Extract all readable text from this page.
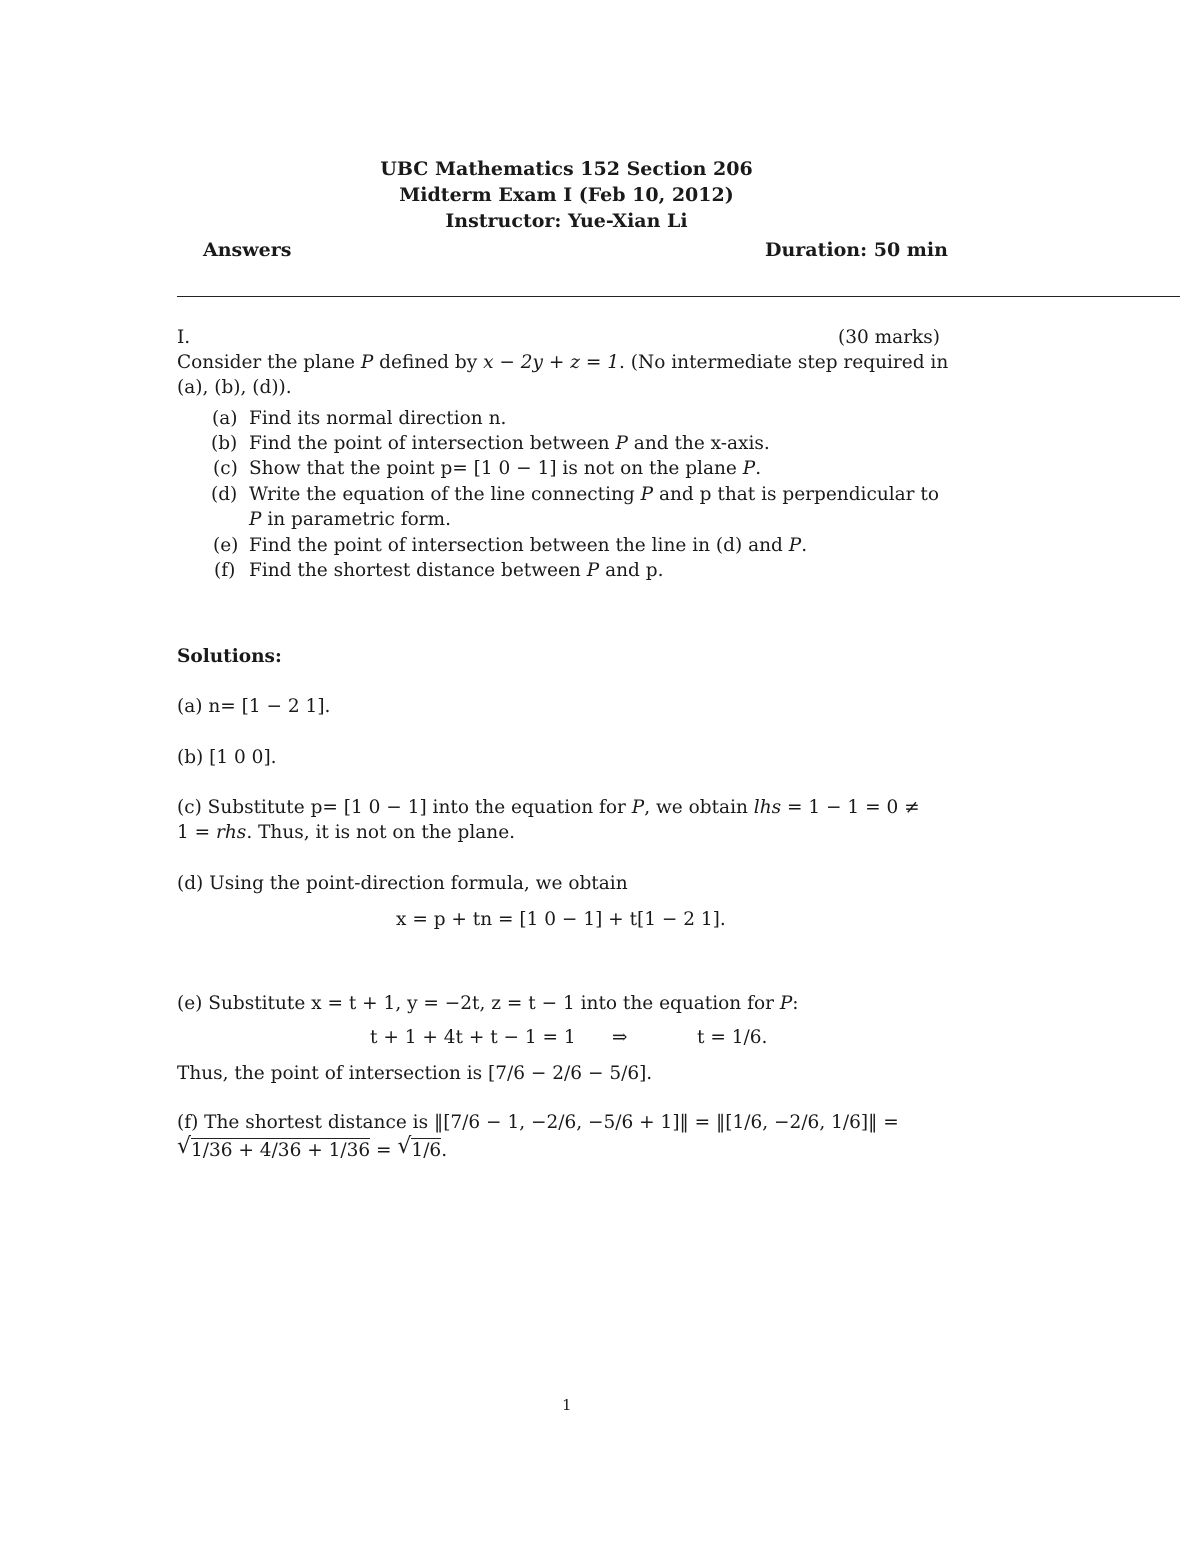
UBC Mathematics 152 Section 206
Midterm Exam I (Feb 10, 2012)
Instructor: Yue-Xian Li
Answers	Duration: 50 min
I.	(30 marks)
Consider the plane P defined by x − 2y + z = 1. (No intermediate step required in
(a), (b), (d)).
(a) Find its normal direction n.
(b) Find the point of intersection between P and the x-axis.
(c) Show that the point p= [1 0 − 1] is not on the plane P.
(d) Write the equation of the line connecting P and p that is perpendicular to
P in parametric form.
(e) Find the point of intersection between the line in (d) and P.
(f) Find the shortest distance between P and p.
Solutions:
(a) n= [1 − 2 1].
(b) [1 0 0].
(c) Substitute p= [1 0 − 1] into the equation for P, we obtain lhs = 1 − 1 = 0 ≠
1 = rhs. Thus, it is not on the plane.
(d) Using the point-direction formula, we obtain
x = p + tn = [1 0 − 1] + t[1 − 2 1].
(e) Substitute x = t + 1, y = −2t, z = t − 1 into the equation for P:
t + 1 + 4t + t − 1 = 1 ⇒	t = 1/6.
Thus, the point of intersection is [7/6 − 2/6 − 5/6].
(f) The shortest distance is ‖[7/6 − 1, −2/6, −5/6 + 1]‖ = ‖[1/6, −2/6, 1/6]‖ =
√ 1/36 + 4/36 + 1/36 = √ 1/6.
1
